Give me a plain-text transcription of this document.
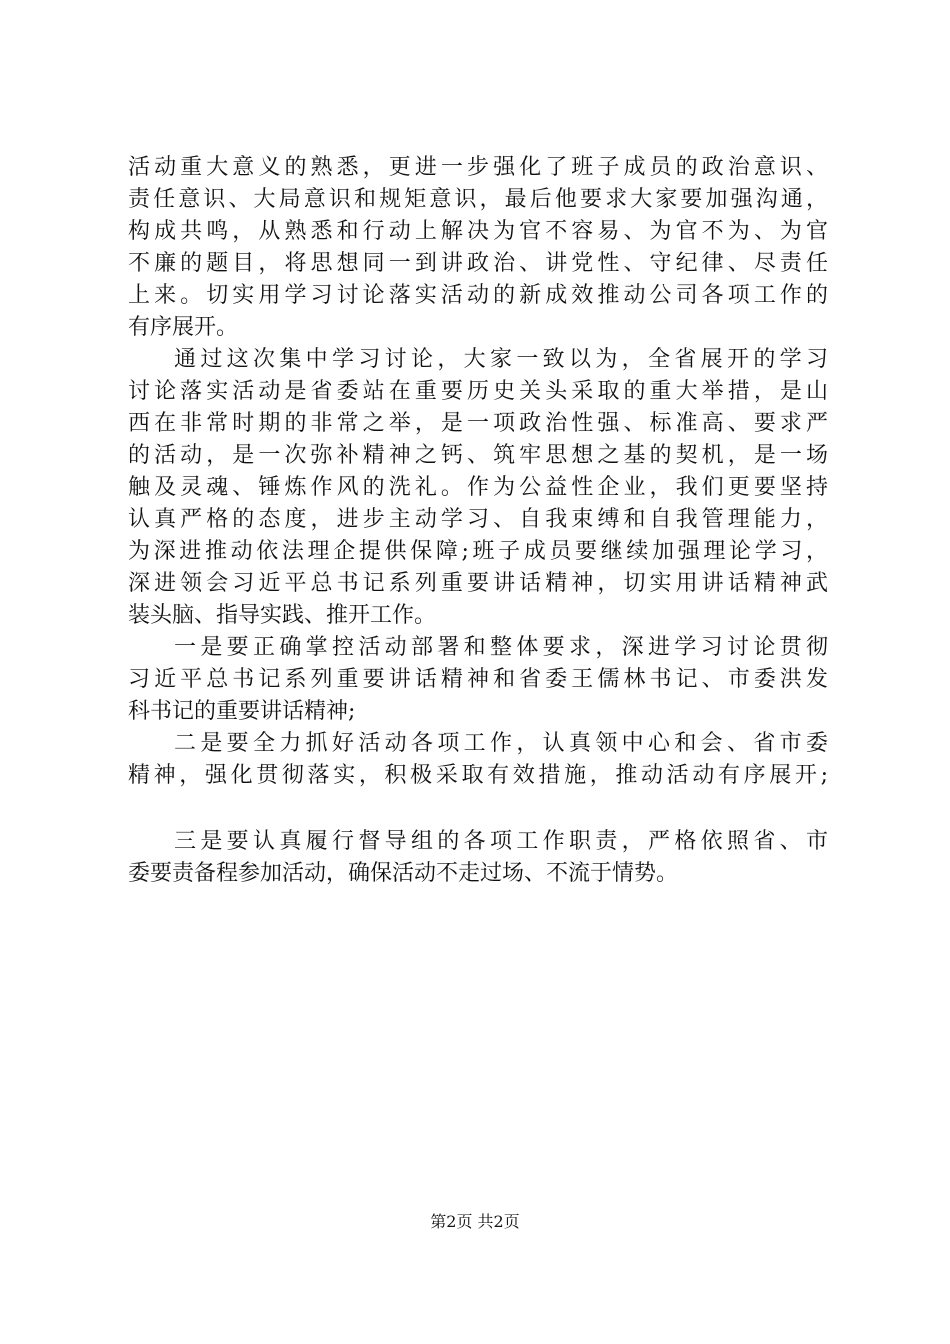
活动重大意义的熟悉，更进一步强化了班子成员的政治意识、
责任意识、大局意识和规矩意识，最后他要求大家要加强沟通，
构成共鸣，从熟悉和行动上解决为官不容易、为官不为、为官
不廉的题目，将思想同一到讲政治、讲党性、守纪律、尽责任
上来。切实用学习讨论落实活动的新成效推动公司各项工作的
有序展开。
通过这次集中学习讨论，大家一致以为，全省展开的学习
讨论落实活动是省委站在重要历史关头采取的重大举措，是山
西在非常时期的非常之举，是一项政治性强、标准高、要求严
的活动，是一次弥补精神之钙、筑牢思想之基的契机，是一场
触及灵魂、锤炼作风的洗礼。作为公益性企业，我们更要坚持
认真严格的态度，进步主动学习、自我束缚和自我管理能力，
为深进推动依法理企提供保障;班子成员要继续加强理论学习，
深进领会习近平总书记系列重要讲话精神，切实用讲话精神武
装头脑、指导实践、推开工作。
一是要正确掌控活动部署和整体要求，深进学习讨论贯彻
习近平总书记系列重要讲话精神和省委王儒林书记、市委洪发
科书记的重要讲话精神;
二是要全力抓好活动各项工作，认真领中心和会、省市委
精神，强化贯彻落实，积极采取有效措施，推动活动有序展开;
三是要认真履行督导组的各项工作职责，严格依照省、市
委要责备程参加活动，确保活动不走过场、不流于情势。
第2页 共2页
